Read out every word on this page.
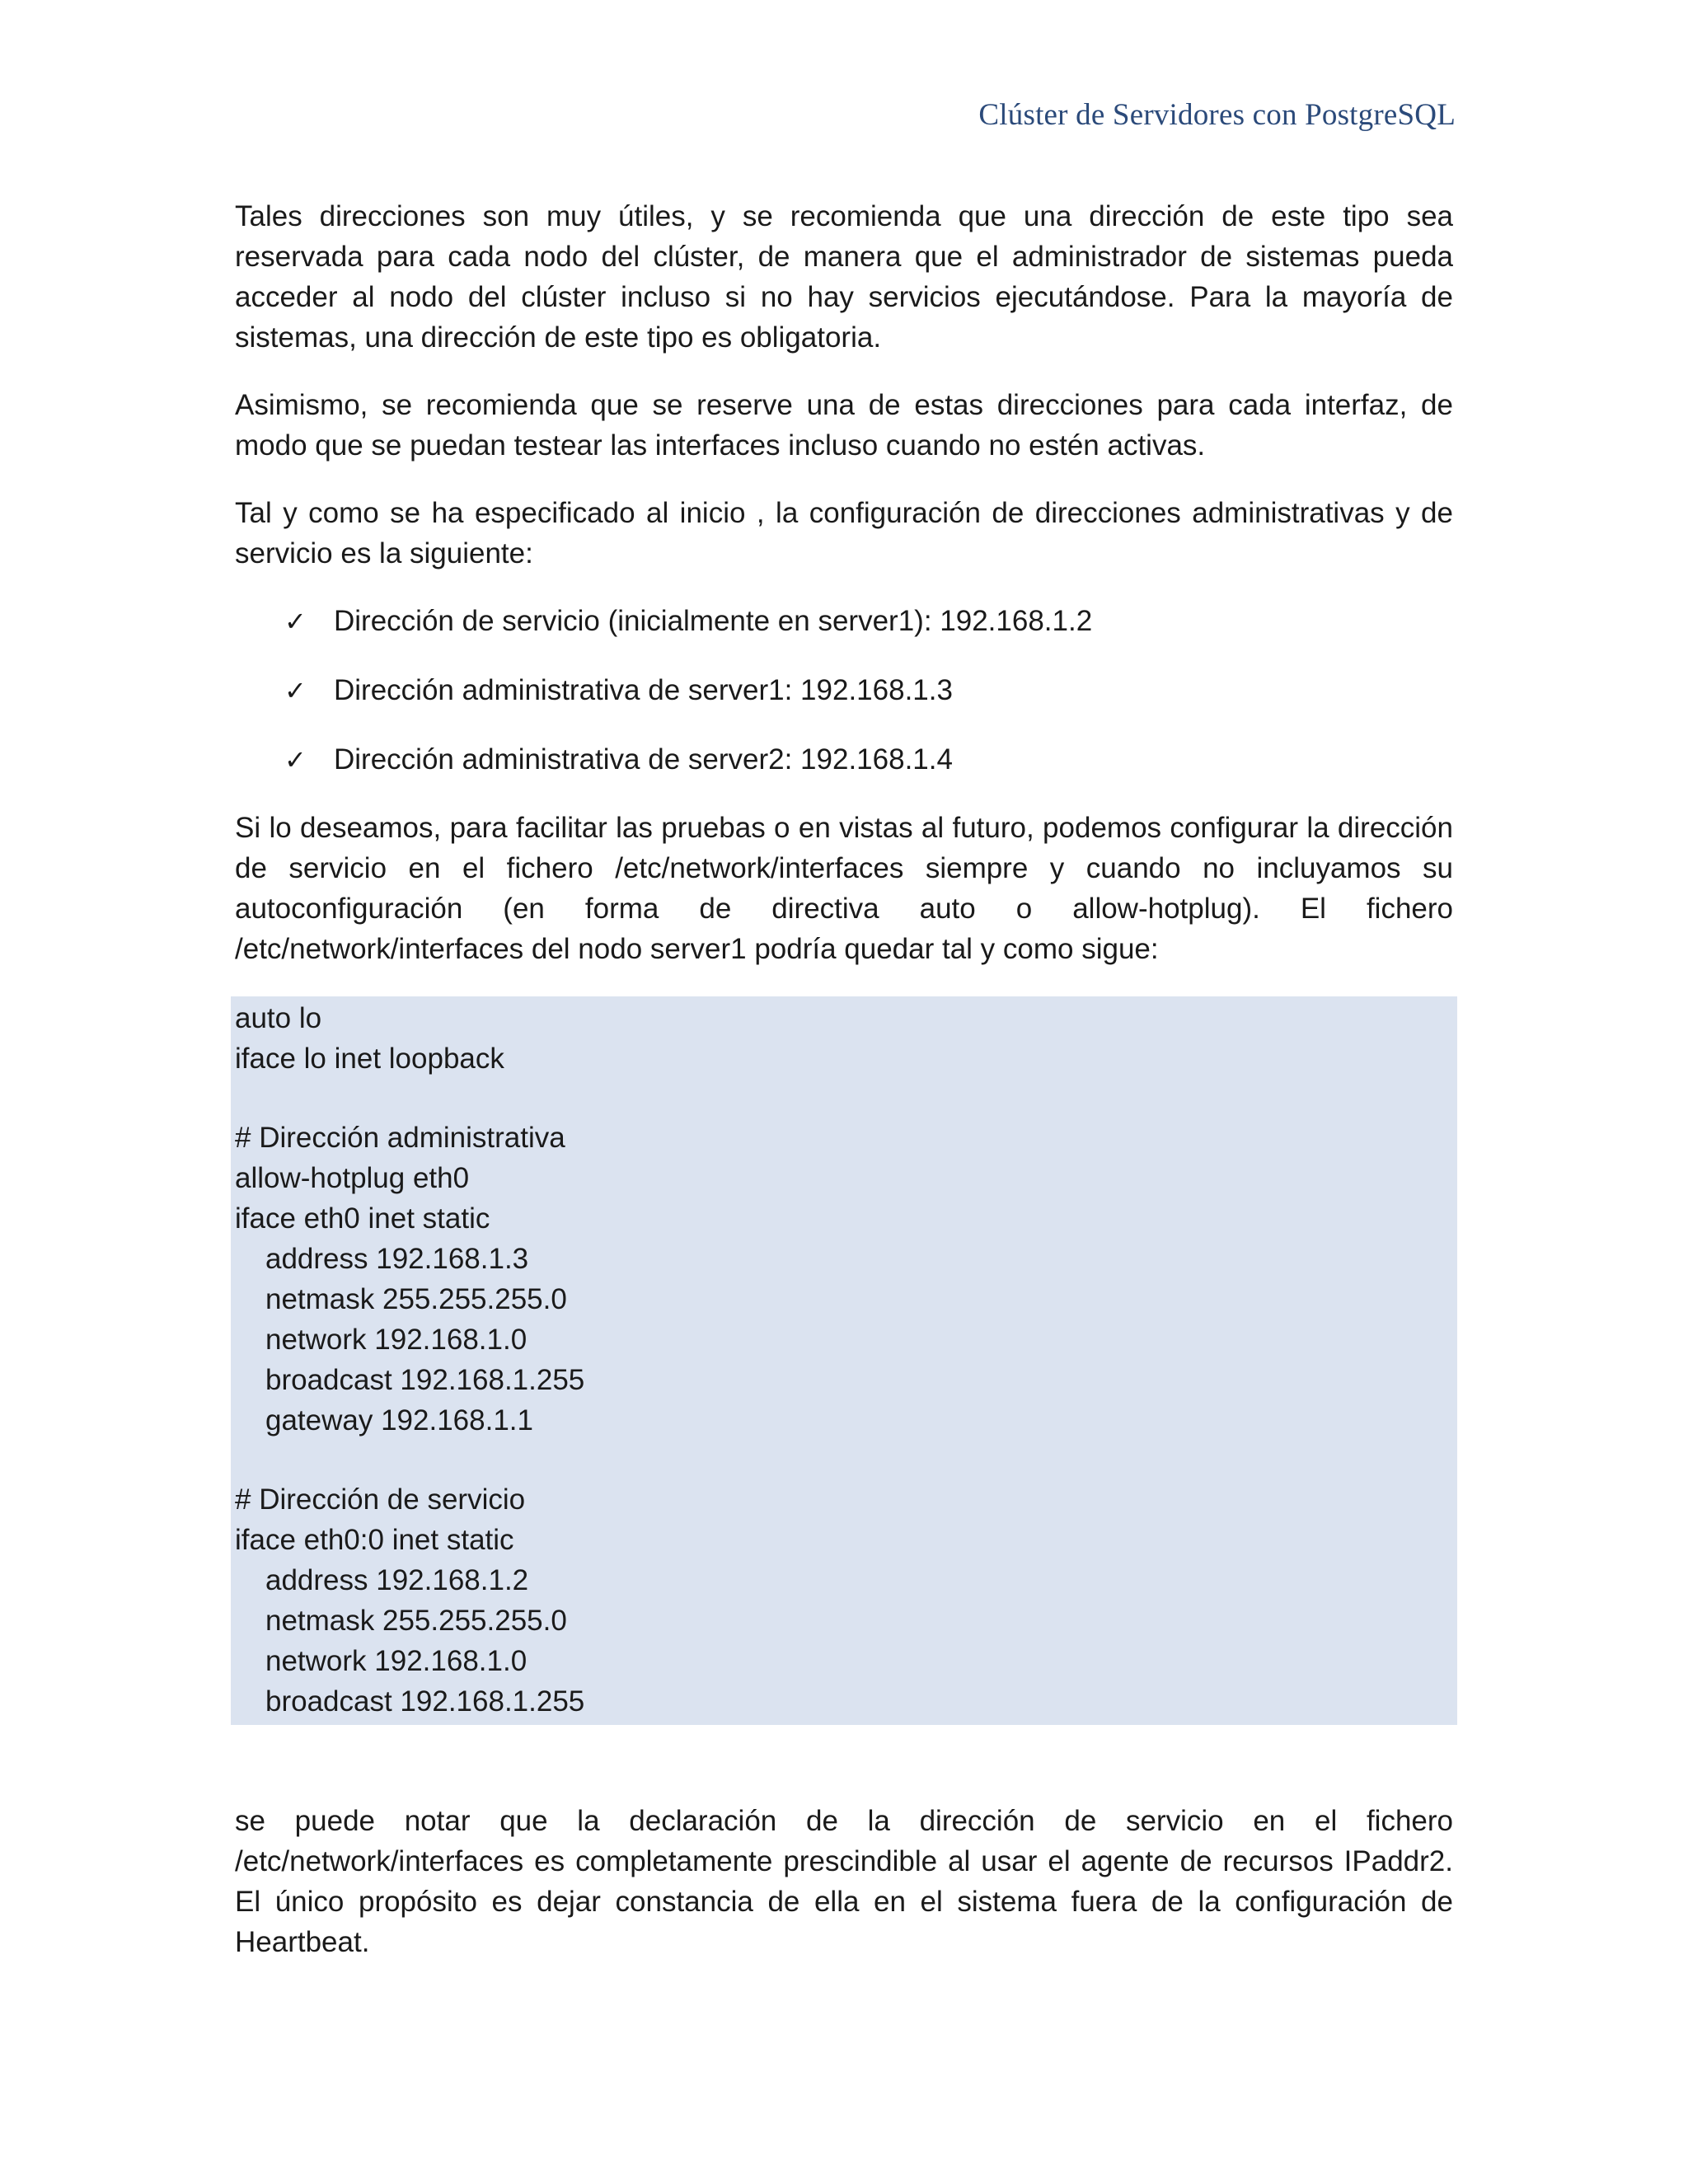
Clúster de Servidores con PostgreSQL

Tales direcciones son muy útiles, y se recomienda que una dirección de este tipo sea reservada para cada nodo del clúster, de manera que el administrador de sistemas pueda acceder al nodo del clúster incluso si no hay servicios ejecutándose. Para la mayoría de sistemas, una dirección de este tipo es obligatoria.

Asimismo, se recomienda que se reserve una de estas direcciones para cada interfaz, de modo que se puedan testear las interfaces incluso cuando no estén activas.

Tal y como se ha especificado al inicio , la configuración de direcciones administrativas y de servicio es la siguiente:

✓ Dirección de servicio (inicialmente en server1): 192.168.1.2
✓ Dirección administrativa de server1: 192.168.1.3
✓ Dirección administrativa de server2: 192.168.1.4

Si lo deseamos, para facilitar las pruebas o en vistas al futuro, podemos configurar la dirección de servicio en el fichero /etc/network/interfaces siempre y cuando no incluyamos su autoconfiguración (en forma de directiva auto o allow-hotplug). El fichero /etc/network/interfaces del nodo server1 podría quedar tal y como sigue:

auto lo
iface lo inet loopback
# Dirección administrativa
allow-hotplug eth0
iface eth0 inet static
address 192.168.1.3
netmask 255.255.255.0
network 192.168.1.0
broadcast 192.168.1.255
gateway 192.168.1.1
# Dirección de servicio
iface eth0:0 inet static
address 192.168.1.2
netmask 255.255.255.0
network 192.168.1.0
broadcast 192.168.1.255

se puede notar que la declaración de la dirección de servicio en el fichero /etc/network/interfaces es completamente prescindible al usar el agente de recursos IPaddr2. El único propósito es dejar constancia de ella en el sistema fuera de la configuración de Heartbeat.
